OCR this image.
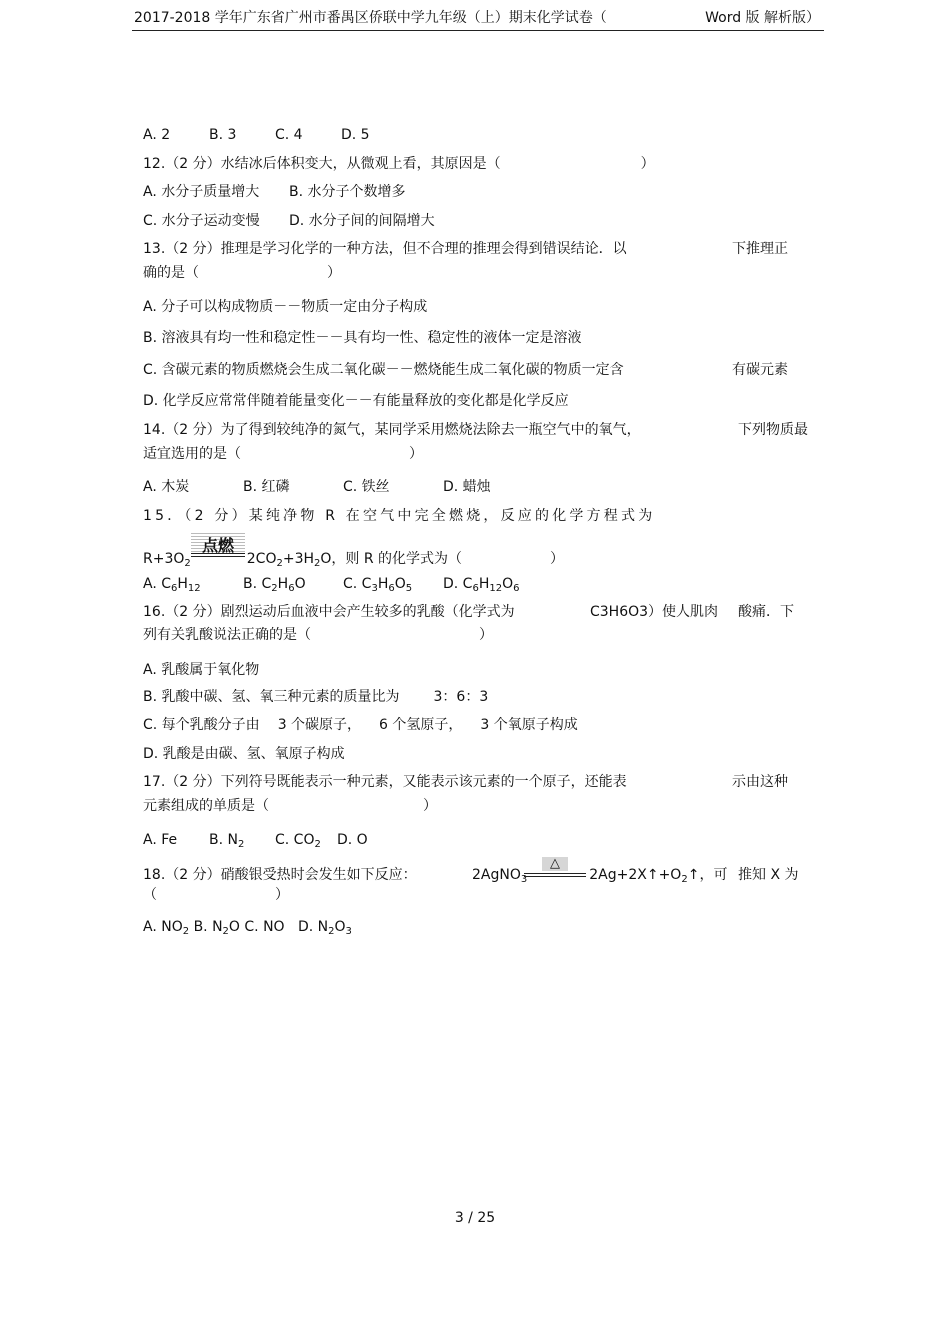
2017-2018 学年广东省广州市番禺区侨联中学九年级（上）期末化学试卷（	Word 版 解析版）
A. 2	B. 3	C. 4	D. 5
12.（2 分）水结冰后体积变大，从微观上看，其原因是（	）
A. 水分子质量增大 B. 水分子个数增多
C. 水分子运动变慢 D. 水分子间的间隔增大
13.（2 分）推理是学习化学的一种方法，但不合理的推理会得到错误结论．以	下推理正
确的是（	）
A. 分子可以构成物质－－物质一定由分子构成
B. 溶液具有均一性和稳定性－－具有均一性、稳定性的液体一定是溶液
C. 含碳元素的物质燃烧会生成二氧化碳－－燃烧能生成二氧化碳的物质一定含	有碳元素
D. 化学反应常常伴随着能量变化－－有能量释放的变化都是化学反应
14.（2 分）为了得到较纯净的氮气，某同学采用燃烧法除去一瓶空气中的氧气，	下列物质最
适宜选用的是（	）
A. 木炭	B. 红磷	C. 铁丝	D. 蜡烛
15．（2 分）某纯净物 R 在空气中完全燃烧，反应的化学方程式为
点燃
$R+3O_2$	$2CO_2+3H_2O$，则 R 的化学式为（	）
A. $C_6H_{12}$	B. $C_2H_6O$	C. $C_3H_6O_5$ D. $C_6H_{12}O_6$
16.（2 分）剧烈运动后血液中会产生较多的乳酸（化学式为	C3H6O3）使人肌肉 酸痛．下
列有关乳酸说法正确的是（	）
A. 乳酸属于氧化物
B. 乳酸中碳、氢、氧三种元素的质量比为 3：6：3
C. 每个乳酸分子由 3 个碳原子， 6 个氢原子， 3 个氧原子构成
D. 乳酸是由碳、氢、氧原子构成
17.（2 分）下列符号既能表示一种元素，又能表示该元素的一个原子，还能表	示由这种
元素组成的单质是（	）
A. Fe B. $N_2$ C. $CO_2$ D. O
18.（2 分）硝酸银受热时会发生如下反应：	2AgNO$_3$	$2Ag+2X↑+O_2↑$，可
△
推知 X 为
（	）
A. $NO_2$ B. $N_2O$ C. NO D. $N_2O_3$
3 / 25
